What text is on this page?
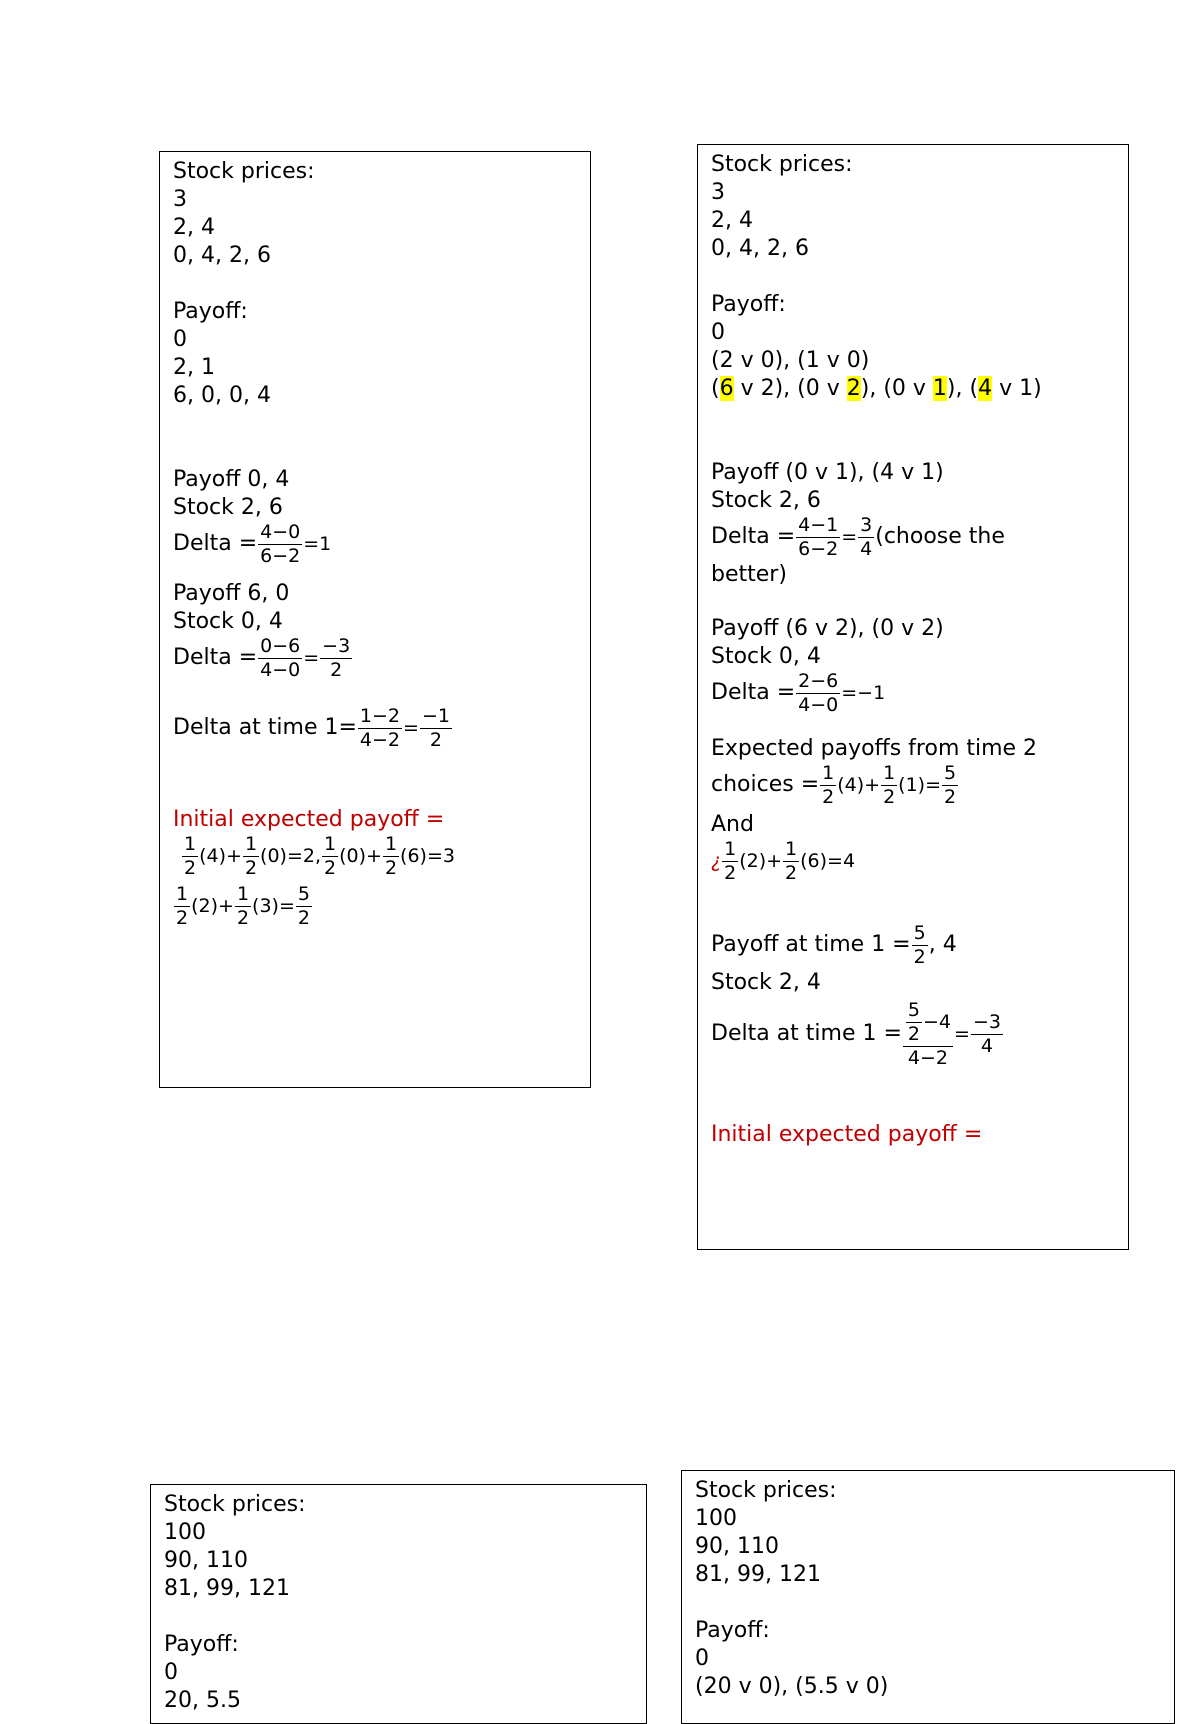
Stock prices:
3
2, 4
0, 4, 2, 6
Payoff:
0
2, 1
6, 0, 0, 4
Payoff 0, 4
Stock 2, 6
Delta = $\frac{4-0}{6-2} =1$
Payoff 6, 0
Stock 0, 4
Delta = $\frac{0-6}{4-0} = \frac{-3}{2}$
Delta at time $1= \frac{1-2}{4-2} = \frac{-1}{2}$
Initial expected payoff =
$\frac{1}{2} (4)+ \frac{1}{2} (0)=2$, $\frac{1}{2} (0)+ \frac{1}{2} (6)=3$
$\frac{1}{2} (2)+ \frac{1}{2} (3)= \frac{5}{2}$
Stock prices:
3
2, 4
0, 4, 2, 6
Payoff:
0
(2 v 0), (1 v 0)
(6 v 2), (0 v 2), (0 v 1), (4 v 1)
Payoff (0 v 1), (4 v 1)
Stock 2, 6
Delta = $\frac{4-1}{6-2} = \frac{3}{4}$ (choose the
better)
Payoff (6 v 2), (0 v 2)
Stock 0, 4
Delta = $\frac{2-6}{4-0} =-1$
Expected payoffs from time 2
choices = $\frac{1}{2} (4)+ \frac{1}{2} (1)= \frac{5}{2}$
And
¿ $\frac{1}{2} (2)+ \frac{1}{2} (6)=4$
Payoff at time $1 = \frac{5}{2}$ , 4
Stock 2, 4
Delta at time $1 = \frac{\frac{5}{2} -4}{4-2} = \frac{-3}{4}$
Initial expected payoff =
Stock prices:
100
90, 110
81, 99, 121
Payoff:
0
20, 5.5
Stock prices:
100
90, 110
81, 99, 121
Payoff:
0
(20 v 0), (5.5 v 0)
